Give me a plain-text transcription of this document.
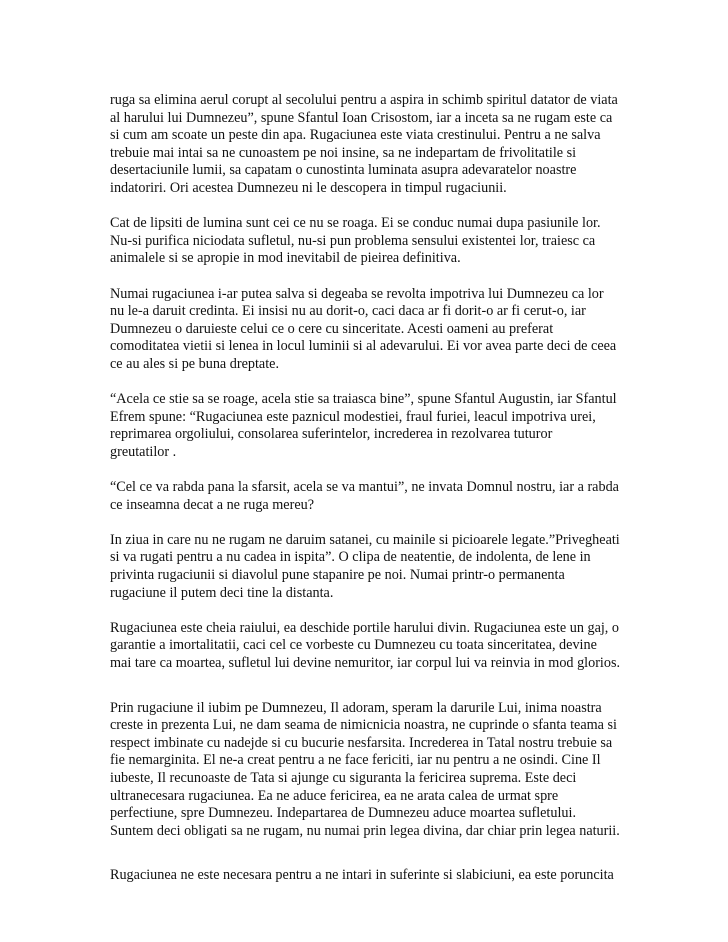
ruga sa elimina aerul corupt al secolului pentru a aspira in schimb spiritul datator de viata
al harului lui Dumnezeu”, spune Sfantul Ioan Crisostom, iar a inceta sa ne rugam este ca
si cum am scoate un peste din apa. Rugaciunea este viata crestinului. Pentru a ne salva
trebuie mai intai sa ne cunoastem pe noi insine, sa ne indepartam de frivolitatile si
desertaciunile lumii, sa capatam o cunostinta luminata asupra adevaratelor noastre
indatoriri. Ori acestea Dumnezeu ni le descopera in timpul rugaciunii.

Cat de lipsiti de lumina sunt cei ce nu se roaga. Ei se conduc numai dupa pasiunile lor.
Nu-si purifica niciodata sufletul, nu-si pun problema sensului existentei lor, traiesc ca
animalele si se apropie in mod inevitabil de pieirea definitiva.

Numai rugaciunea i-ar putea salva si degeaba se revolta impotriva lui Dumnezeu ca lor
nu le-a daruit credinta. Ei insisi nu au dorit-o, caci daca ar fi dorit-o ar fi cerut-o, iar
Dumnezeu o daruieste celui ce o cere cu sinceritate. Acesti oameni au preferat
comoditatea vietii si lenea in locul luminii si al adevarului. Ei vor avea parte deci de ceea
ce au ales si pe buna dreptate.

“Acela ce stie sa se roage, acela stie sa traiasca bine”, spune Sfantul Augustin, iar Sfantul
Efrem spune: “Rugaciunea este paznicul modestiei, fraul furiei, leacul impotriva urei,
reprimarea orgoliului, consolarea suferintelor, increderea in rezolvarea tuturor
greutatilor .

“Cel ce va rabda pana la sfarsit, acela se va mantui”, ne invata Domnul nostru, iar a rabda
ce inseamna decat a ne ruga mereu?

In ziua in care nu ne rugam ne daruim satanei, cu mainile si picioarele legate.”Privegheati
si va rugati pentru a nu cadea in ispita”. O clipa de neatentie, de indolenta, de lene in
privinta rugaciunii si diavolul pune stapanire pe noi. Numai printr-o permanenta
rugaciune il putem deci tine la distanta.

Rugaciunea este cheia raiului, ea deschide portile harului divin. Rugaciunea este un gaj, o
garantie a imortalitatii, caci cel ce vorbeste cu Dumnezeu cu toata sinceritatea, devine
mai tare ca moartea, sufletul lui devine nemuritor, iar corpul lui va reinvia in mod glorios.

Prin rugaciune il iubim pe Dumnezeu, Il adoram, speram la darurile Lui, inima noastra
creste in prezenta Lui, ne dam seama de nimicnicia noastra, ne cuprinde o sfanta teama si
respect imbinate cu nadejde si cu bucurie nesfarsita. Increderea in Tatal nostru trebuie sa
fie nemarginita. El ne-a creat pentru a ne face fericiti, iar nu pentru a ne osindi. Cine Il
iubeste, Il recunoaste de Tata si ajunge cu siguranta la fericirea suprema. Este deci
ultranecesara rugaciunea. Ea ne aduce fericirea, ea ne arata calea de urmat spre
perfectiune, spre Dumnezeu. Indepartarea de Dumnezeu aduce moartea sufletului.
Suntem deci obligati sa ne rugam, nu numai prin legea divina, dar chiar prin legea naturii.

Rugaciunea ne este necesara pentru a ne intari in suferinte si slabiciuni, ea este poruncita
